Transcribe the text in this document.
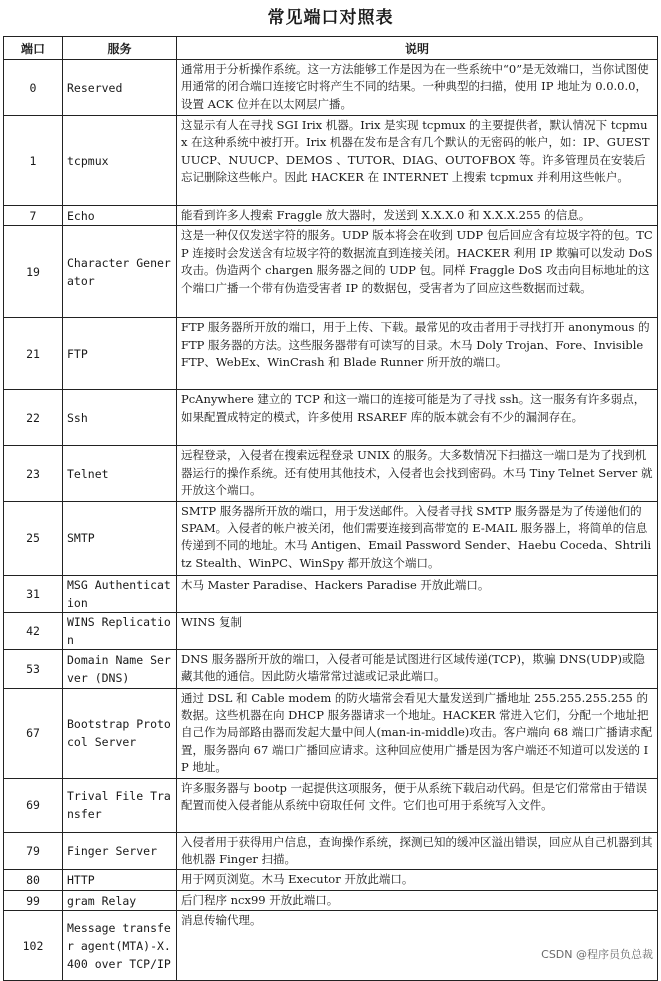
常见端口对照表
端口	服务	说明
0	Reserved	通常用于分析操作系统。这一方法能够工作是因为在一些系统中“0”是无效端口，当你试图使用通常的闭合端口连接它时将产生不同的结果。一种典型的扫描，使用 IP 地址为 0.0.0.0，设置 ACK 位并在以太网层广播。
1	tcpmux	这显示有人在寻找 SGI Irix 机器。Irix 是实现 tcpmux 的主要提供者，默认情况下 tcpmux 在这种系统中被打开。Irix 机器在发布是含有几个默认的无密码的帐户，如：IP、GUEST UUCP、NUUCP、DEMOS 、TUTOR、DIAG、OUTOFBOX 等。许多管理员在安装后忘记删除这些帐户。因此 HACKER 在 INTERNET 上搜索 tcpmux 并利用这些帐户。
7	Echo	能看到许多人搜索 Fraggle 放大器时，发送到 X.X.X.0 和 X.X.X.255 的信息。
19	Character Generator	这是一种仅仅发送字符的服务。UDP 版本将会在收到 UDP 包后回应含有垃圾字符的包。TCP 连接时会发送含有垃圾字符的数据流直到连接关闭。HACKER 利用 IP 欺骗可以发动 DoS 攻击。伪造两个 chargen 服务器之间的 UDP 包。同样 Fraggle DoS 攻击向目标地址的这个端口广播一个带有伪造受害者 IP 的数据包，受害者为了回应这些数据而过载。
21	FTP	FTP 服务器所开放的端口，用于上传、下载。最常见的攻击者用于寻找打开 anonymous 的 FTP 服务器的方法。这些服务器带有可读写的目录。木马 Doly Trojan、Fore、Invisible FTP、WebEx、WinCrash 和 Blade Runner 所开放的端口。
22	Ssh	PcAnywhere 建立的 TCP 和这一端口的连接可能是为了寻找 ssh。这一服务有许多弱点，如果配置成特定的模式，许多使用 RSAREF 库的版本就会有不少的漏洞存在。
23	Telnet	远程登录，入侵者在搜索远程登录 UNIX 的服务。大多数情况下扫描这一端口是为了找到机器运行的操作系统。还有使用其他技术，入侵者也会找到密码。木马 Tiny Telnet Server 就开放这个端口。
25	SMTP	SMTP 服务器所开放的端口，用于发送邮件。入侵者寻找 SMTP 服务器是为了传递他们的 SPAM。入侵者的帐户被关闭，他们需要连接到高带宽的 E-MAIL 服务器上，将简单的信息传递到不同的地址。木马 Antigen、Email Password Sender、Haebu Coceda、Shtrilitz Stealth、WinPC、WinSpy 都开放这个端口。
31	MSG Authentication	木马 Master Paradise、Hackers Paradise 开放此端口。
42	WINS Replication	WINS 复制
53	Domain Name Server (DNS)	DNS 服务器所开放的端口，入侵者可能是试图进行区域传递(TCP)，欺骗 DNS(UDP)或隐藏其他的通信。因此防火墙常常过滤或记录此端口。
67	Bootstrap Protocol Server	通过 DSL 和 Cable modem 的防火墙常会看见大量发送到广播地址 255.255.255.255 的数据。这些机器在向 DHCP 服务器请求一个地址。HACKER 常进入它们，分配一个地址把自己作为局部路由器而发起大量中间人(man-in-middle)攻击。客户端向 68 端口广播请求配置，服务器向 67 端口广播回应请求。这种回应使用广播是因为客户端还不知道可以发送的 IP 地址。
69	Trival File Transfer	许多服务器与 bootp 一起提供这项服务，便于从系统下载启动代码。但是它们常常由于错误配置而使入侵者能从系统中窃取任何 文件。它们也可用于系统写入文件。
79	Finger Server	入侵者用于获得用户信息，查询操作系统，探测已知的缓冲区溢出错误，回应从自己机器到其他机器 Finger 扫描。
80	HTTP	用于网页浏览。木马 Executor 开放此端口。
99	gram Relay	后门程序 ncx99 开放此端口。
102	Message transfer agent(MTA)-X.400 over TCP/IP	消息传输代理。
CSDN @程序员负总裁
